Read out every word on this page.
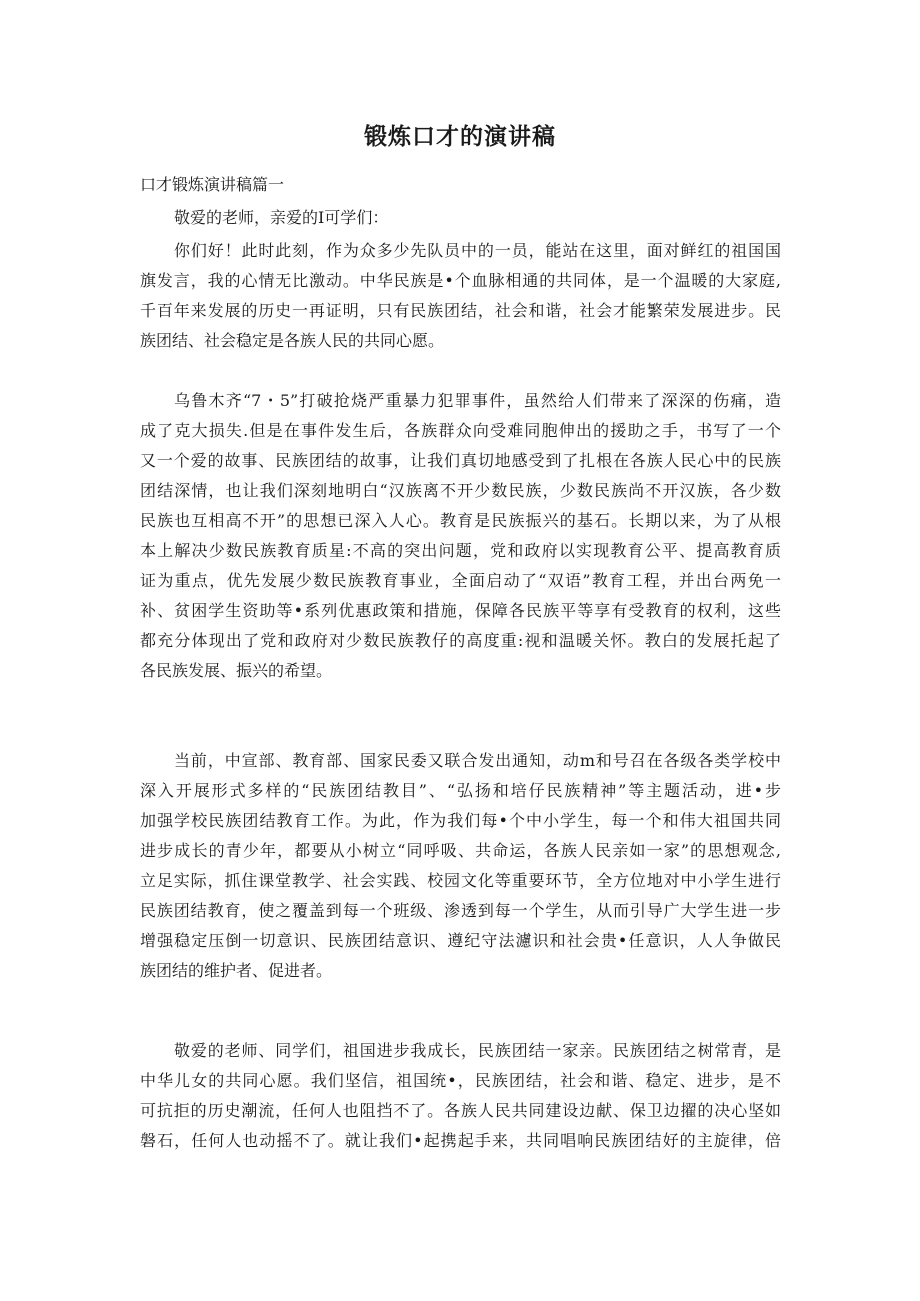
锻炼口才的演讲稿

口才锻炼演讲稿篇一

敬爱的老师，亲爱的I可学们：

你们好！此时此刻，作为众多少先队员中的一员，能站在这里，面对鲜红的祖国国
旗发言，我的心情无比激动。中华民族是•个血脉相通的共同体，是一个温暖的大家庭,
千百年来发展的历史一再证明，只有民族团结，社会和谐，社会才能繁荣发展进步。民
族团结、社会稳定是各族人民的共同心愿。
乌鲁木齐“7・5”打破抢烧严重暴力犯罪事件，虽然给人们带来了深深的伤痛，造
成了克大损失.但是在事件发生后，各族群众向受难同胞伸出的援助之手，书写了一个
又一个爱的故事、民族团结的故事，让我们真切地感受到了扎根在各族人民心中的民族
团结深情，也让我们深刻地明白“汉族离不开少数民族，少数民族尚不开汉族，各少数
民族也互相高不开”的思想已深入人心。教育是民族振兴的基石。长期以来，为了从根
本上解决少数民族教育质星:不高的突出问题，党和政府以实现教育公平、提高教育质
证为重点，优先发展少数民族教育事业，全面启动了“双语”教育工程，并出台两免一
补、贫困学生资助等•系列优惠政策和措施，保障各民族平等享有受教育的权利，这些
都充分体现出了党和政府对少数民族教仔的高度重:视和温暖关怀。教白的发展托起了
各民族发展、振兴的希望。
当前，中宣部、教育部、国家民委又联合发出通知，动m和号召在各级各类学校中
深入开展形式多样的“民族团结教目”、“弘扬和培仔民族精神”等主题活动，进•步
加强学校民族团结教育工作。为此，作为我们每•个中小学生，每一个和伟大祖国共同
进步成长的青少年，都要从小树立“同呼吸、共命运，各族人民亲如一家”的思想观念,
立足实际，抓住课堂教学、社会实践、校园文化等重要环节，全方位地对中小学生进行
民族团结教育，使之覆盖到每一个班级、渗透到每一个学生，从而引导广大学生进一步
增强稳定压倒一切意识、民族团结意识、遵纪守法濾识和社会贵•任意识，人人争做民
族团结的维护者、促进者。
敬爱的老师、同学们，祖国进步我成长，民族团结一家亲。民族团结之树常青，是
中华儿女的共同心愿。我们坚信，祖国统•，民族团结，社会和谐、稳定、进步，是不
可抗拒的历史潮流，任何人也阻挡不了。各族人民共同建设边献、保卫边擢的决心坚如
磐石，任何人也动摇不了。就让我们•起携起手来，共同唱响民族团结好的主旋律，倍
